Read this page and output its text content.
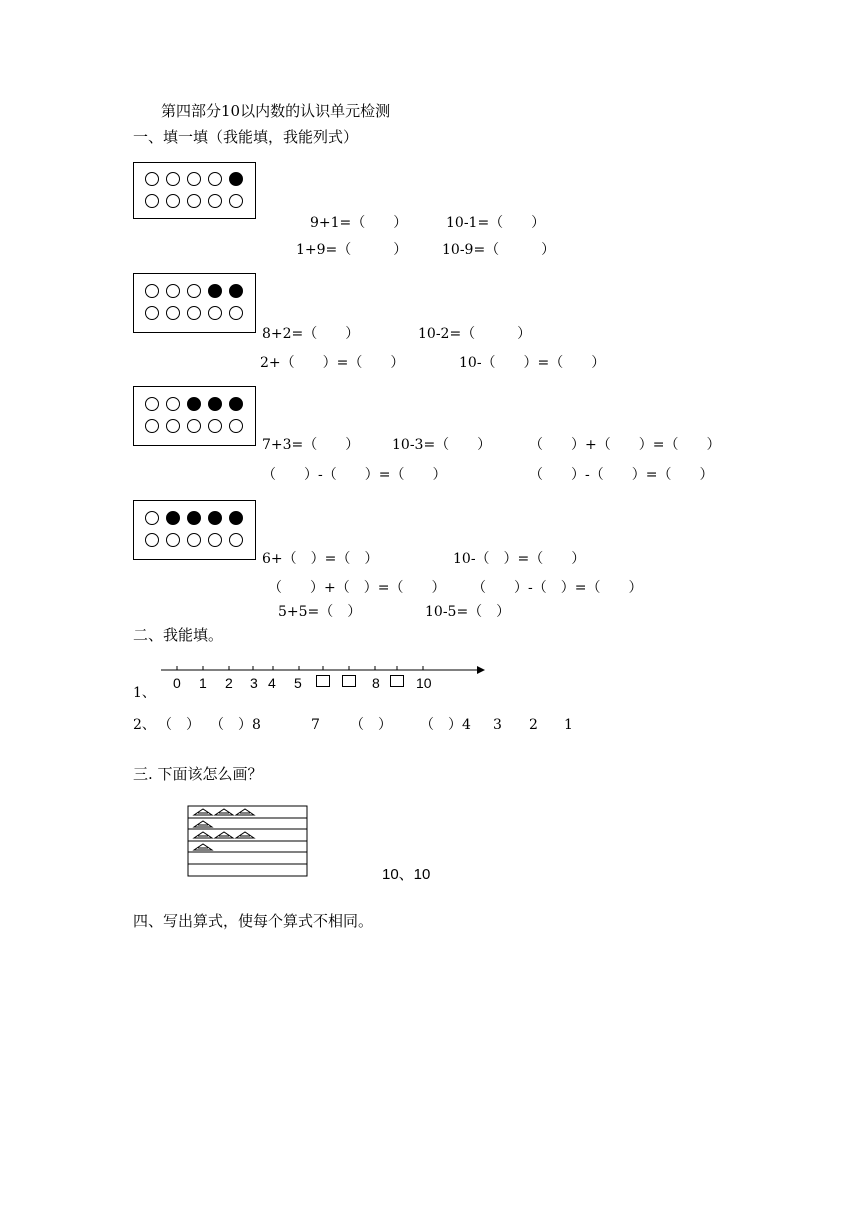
第四部分10以内数的认识单元检测
一、填一填（我能填，我能列式）
9+1=（　　）	10-1=（　　）
1+9=（　　　） 10-9=（　　　）
8+2=（　　）	10-2=（　　　）
2+（　　）=（　　）	10-（　　）=（　　）
7+3=（　　） 10-3=（　　）	（　　）+（　　）=（　　）
（　　）-（　　）=（　　）	（　　）-（　　）=（　　）
6+（　）=（　）	10-（　）=（　　）
（　　）+（　）=（　　） （　　）-（　）=（　　）
5+5=（　）	10-5=（　）
二、我能填。
1、
0 1 2 3 4 5	8	10
2、 （　） （　）8	7 （　） （　）4 3 2 1
三. 下面该怎么画？
10、10
四、写出算式，使每个算式不相同。
